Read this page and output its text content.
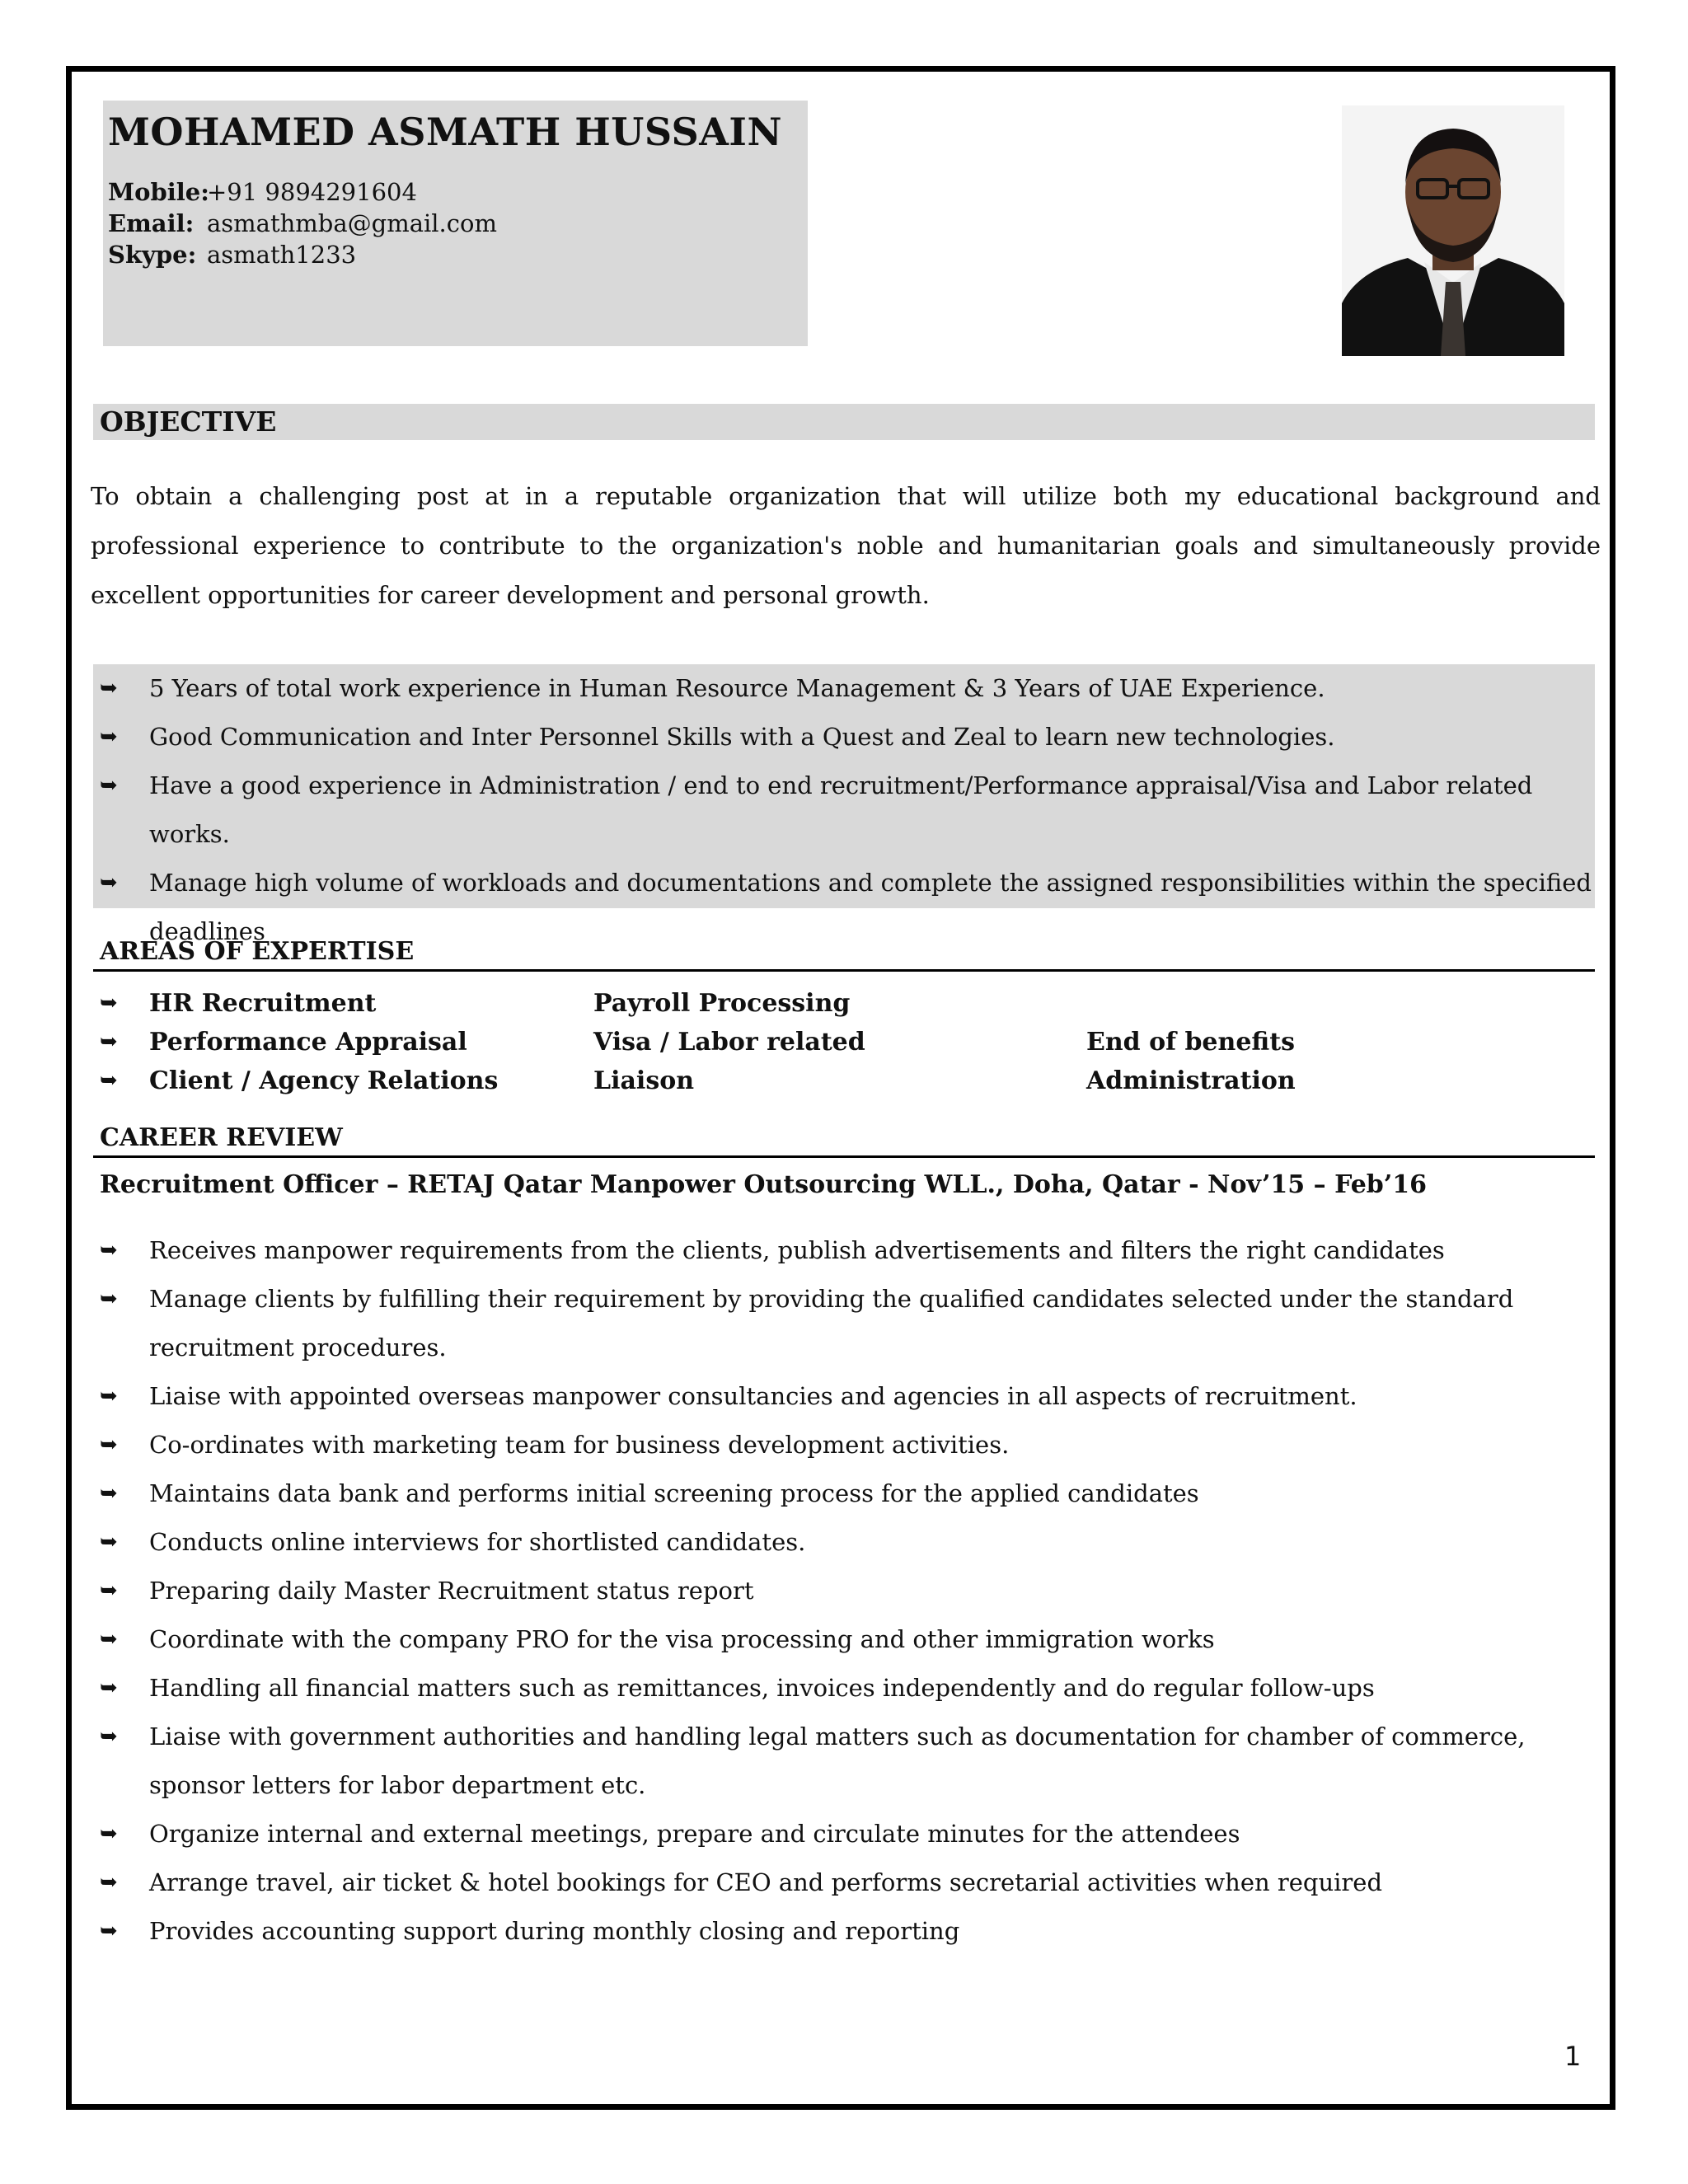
MOHAMED ASMATH HUSSAIN
Mobile:+91 9894291604
Email: asmathmba@gmail.com
Skype: asmath1233
OBJECTIVE
To obtain a challenging post at in a reputable organization that will utilize both my educational background and professional experience to contribute to the organization's noble and humanitarian goals and simultaneously provide excellent opportunities for career development and personal growth.
➥ 5 Years of total work experience in Human Resource Management & 3 Years of UAE Experience.
➥ Good Communication and Inter Personnel Skills with a Quest and Zeal to learn new technologies.
➥ Have a good experience in Administration / end to end recruitment/Performance appraisal/Visa and Labor related works.
➥ Manage high volume of workloads and documentations and complete the assigned responsibilities within the specified deadlines
AREAS OF EXPERTISE
➥ HR Recruitment	Payroll Processing
➥ Performance Appraisal	Visa / Labor related	End of benefits
➥ Client / Agency Relations	Liaison	Administration
CAREER REVIEW
Recruitment Officer – RETAJ Qatar Manpower Outsourcing WLL., Doha, Qatar - Nov’15 – Feb’16
➥ Receives manpower requirements from the clients, publish advertisements and filters the right candidates
➥ Manage clients by fulfilling their requirement by providing the qualified candidates selected under the standard recruitment procedures.
➥ Liaise with appointed overseas manpower consultancies and agencies in all aspects of recruitment.
➥ Co-ordinates with marketing team for business development activities.
➥ Maintains data bank and performs initial screening process for the applied candidates
➥ Conducts online interviews for shortlisted candidates.
➥ Preparing daily Master Recruitment status report
➥ Coordinate with the company PRO for the visa processing and other immigration works
➥ Handling all financial matters such as remittances, invoices independently and do regular follow-ups
➥ Liaise with government authorities and handling legal matters such as documentation for chamber of commerce, sponsor letters for labor department etc.
➥ Organize internal and external meetings, prepare and circulate minutes for the attendees
➥ Arrange travel, air ticket & hotel bookings for CEO and performs secretarial activities when required
➥ Provides accounting support during monthly closing and reporting
1
